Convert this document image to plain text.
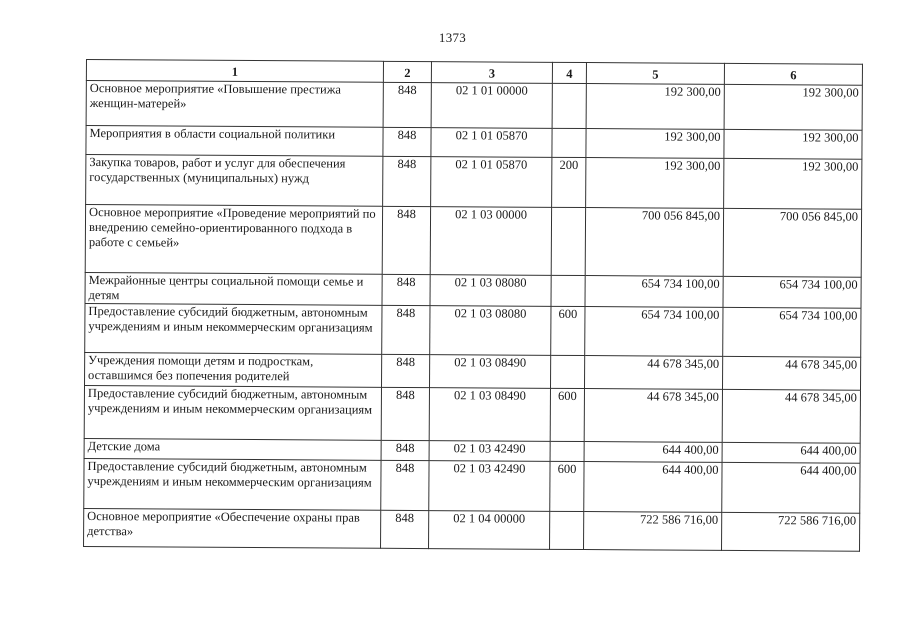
1373
1	2	3	4	5	6
Основное мероприятие «Повышение престижа женщин-матерей»	848	02 1 01 00000		192 300,00	192 300,00
Мероприятия в области социальной политики	848	02 1 01 05870		192 300,00	192 300,00
Закупка товаров, работ и услуг для обеспечения государственных (муниципальных) нужд	848	02 1 01 05870	200	192 300,00	192 300,00
Основное мероприятие «Проведение мероприятий по внедрению семейно-ориентированного подхода в работе с семьей»	848	02 1 03 00000		700 056 845,00	700 056 845,00
Межрайонные центры социальной помощи семье и детям	848	02 1 03 08080		654 734 100,00	654 734 100,00
Предоставление субсидий бюджетным, автономным учреждениям и иным некоммерческим организациям	848	02 1 03 08080	600	654 734 100,00	654 734 100,00
Учреждения помощи детям и подросткам, оставшимся без попечения родителей	848	02 1 03 08490		44 678 345,00	44 678 345,00
Предоставление субсидий бюджетным, автономным учреждениям и иным некоммерческим организациям	848	02 1 03 08490	600	44 678 345,00	44 678 345,00
Детские дома	848	02 1 03 42490		644 400,00	644 400,00
Предоставление субсидий бюджетным, автономным учреждениям и иным некоммерческим организациям	848	02 1 03 42490	600	644 400,00	644 400,00
Основное мероприятие «Обеспечение охраны прав детства»	848	02 1 04 00000		722 586 716,00	722 586 716,00
